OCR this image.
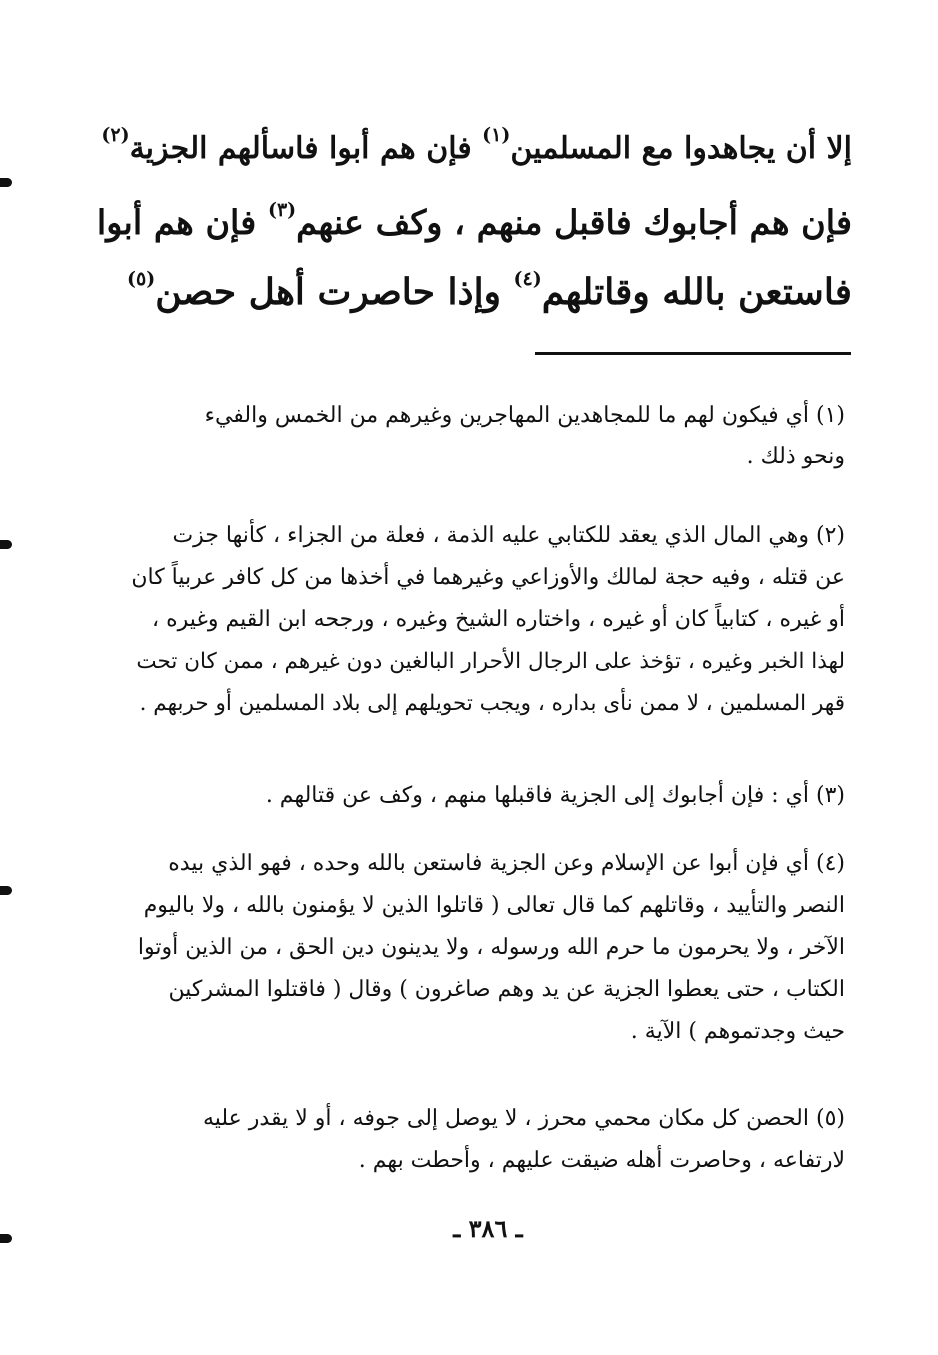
إلا أن يجاهدوا مع المسلمين$^{(١)}$ فإن هم أبوا فاسألهم الجزية$^{(٢)}$
فإن هم أجابوك فاقبل منهم ، وكف عنهم$^{(٣)}$ فإن هم أبوا
فاستعن بالله وقاتلهم$^{(٤)}$ وإذا حاصرت أهل حصن$^{(٥)}$
(١) أي فيكون لهم ما للمجاهدين المهاجرين وغيرهم من الخمس والفيء
ونحو ذلك .
(٢) وهي المال الذي يعقد للكتابي عليه الذمة ، فعلة من الجزاء ، كأنها جزت
عن قتله ، وفيه حجة لمالك والأوزاعي وغيرهما في أخذها من كل كافر عربياً كان
أو غيره ، كتابياً كان أو غيره ، واختاره الشيخ وغيره ، ورجحه ابن القيم وغيره ،
لهذا الخبر وغيره ، تؤخذ على الرجال الأحرار البالغين دون غيرهم ، ممن كان تحت
قهر المسلمين ، لا ممن نأى بداره ، ويجب تحويلهم إلى بلاد المسلمين أو حربهم .
(٣) أي : فإن أجابوك إلى الجزية فاقبلها منهم ، وكف عن قتالهم .
(٤) أي فإن أبوا عن الإسلام وعن الجزية فاستعن بالله وحده ، فهو الذي بيده
النصر والتأييد ، وقاتلهم كما قال تعالى ( قاتلوا الذين لا يؤمنون بالله ، ولا باليوم
الآخر ، ولا يحرمون ما حرم الله ورسوله ، ولا يدينون دين الحق ، من الذين أوتوا
الكتاب ، حتى يعطوا الجزية عن يد وهم صاغرون ) وقال ( فاقتلوا المشركين
حيث وجدتموهم ) الآية .
(٥) الحصن كل مكان محمي محرز ، لا يوصل إلى جوفه ، أو لا يقدر عليه
لارتفاعه ، وحاصرت أهله ضيقت عليهم ، وأحطت بهم .
ـ ٣٨٦ ـ
